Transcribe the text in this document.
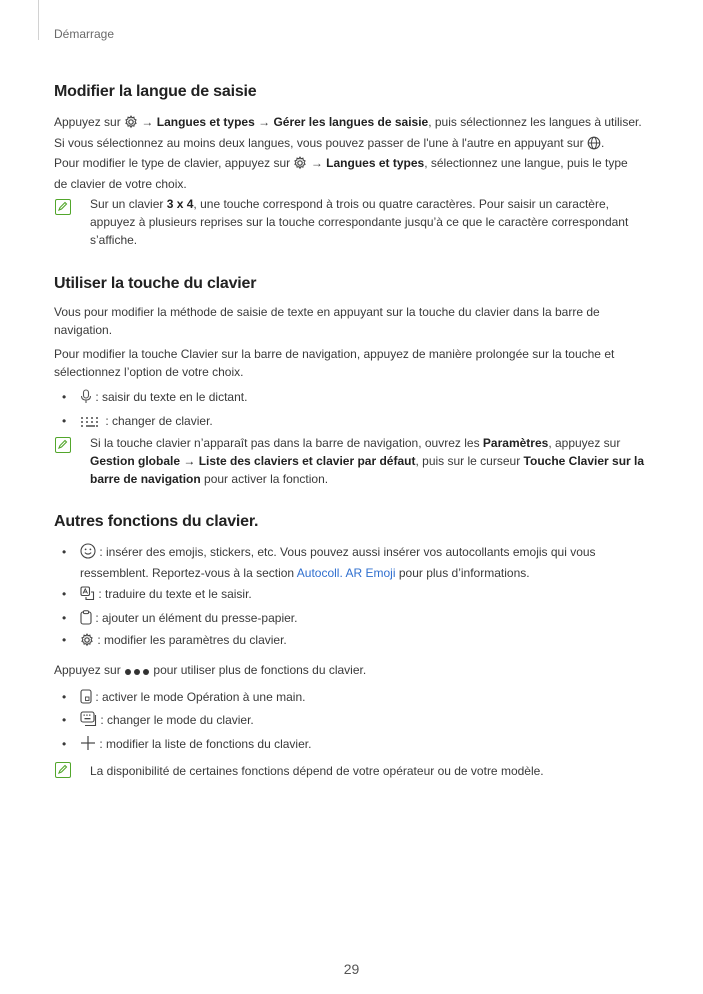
Démarrage
Modifier la langue de saisie

Appuyez sur → Langues et types → Gérer les langues de saisie, puis sélectionnez les langues à utiliser.
Si vous sélectionnez au moins deux langues, vous pouvez passer de l'une à l'autre en appuyant sur .

Pour modifier le type de clavier, appuyez sur → Langues et types, sélectionnez une langue, puis le type
de clavier de votre choix.

Sur un clavier 3 x 4, une touche correspond à trois ou quatre caractères. Pour saisir un caractère,
appuyez à plusieurs reprises sur la touche correspondante jusqu’à ce que le caractère correspondant
s’affiche.

Utiliser la touche du clavier

Vous pour modifier la méthode de saisie de texte en appuyant sur la touche du clavier dans la barre de
navigation.

Pour modifier la touche Clavier sur la barre de navigation, appuyez de manière prolongée sur la touche et
sélectionnez l’option de votre choix.

•	: saisir du texte en le dictant.
•	: changer de clavier.

Si la touche clavier n’apparaît pas dans la barre de navigation, ouvrez les Paramètres, appuyez sur
Gestion globale → Liste des claviers et clavier par défaut, puis sur le curseur Touche Clavier sur la
barre de navigation pour activer la fonction.

Autres fonctions du clavier.
•	: insérer des emojis, stickers, etc. Vous pouvez aussi insérer vos autocollants emojis qui vous
ressemblent. Reportez-vous à la section Autocoll. AR Emoji pour plus d’informations.
•	: traduire du texte et le saisir.
•	: ajouter un élément du presse-papier.
•	: modifier les paramètres du clavier.

Appuyez sur	pour utiliser plus de fonctions du clavier.

•	: activer le mode Opération à une main.
•	: changer le mode du clavier.
•	: modifier la liste de fonctions du clavier.

La disponibilité de certaines fonctions dépend de votre opérateur ou de votre modèle.

29
